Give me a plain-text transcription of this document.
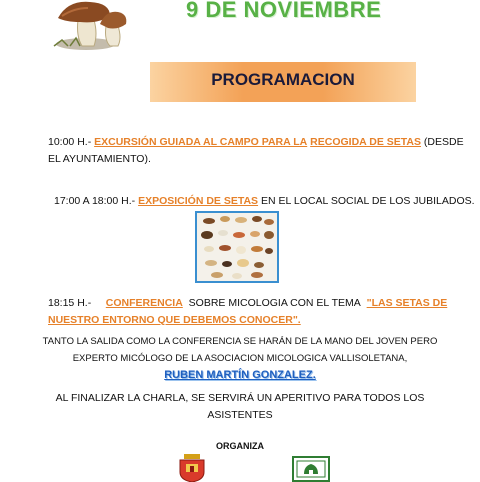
9 DE NOVIEMBRE
PROGRAMACION
10:00 H.- EXCURSIÓN GUIADA AL CAMPO PARA LA RECOGIDA DE SETAS (DESDE
EL AYUNTAMIENTO).
17:00 A 18:00 H.- EXPOSICIÓN DE SETAS EN EL LOCAL SOCIAL DE LOS JUBILADOS.
18:15 H.- CONFERENCIA SOBRE MICOLOGIA CON EL TEMA "LAS SETAS DE
NUESTRO ENTORNO QUE DEBEMOS CONOCER".
TANTO LA SALIDA COMO LA CONFERENCIA SE HARÁN DE LA MANO DEL JOVEN PERO
EXPERTO MICÓLOGO DE LA ASOCIACION MICOLOGICA VALLISOLETANA,
RUBEN MARTÍN GONZALEZ.
AL FINALIZAR LA CHARLA, SE SERVIRÁ UN APERITIVO PARA TODOS LOS
ASISTENTES
ORGANIZA
